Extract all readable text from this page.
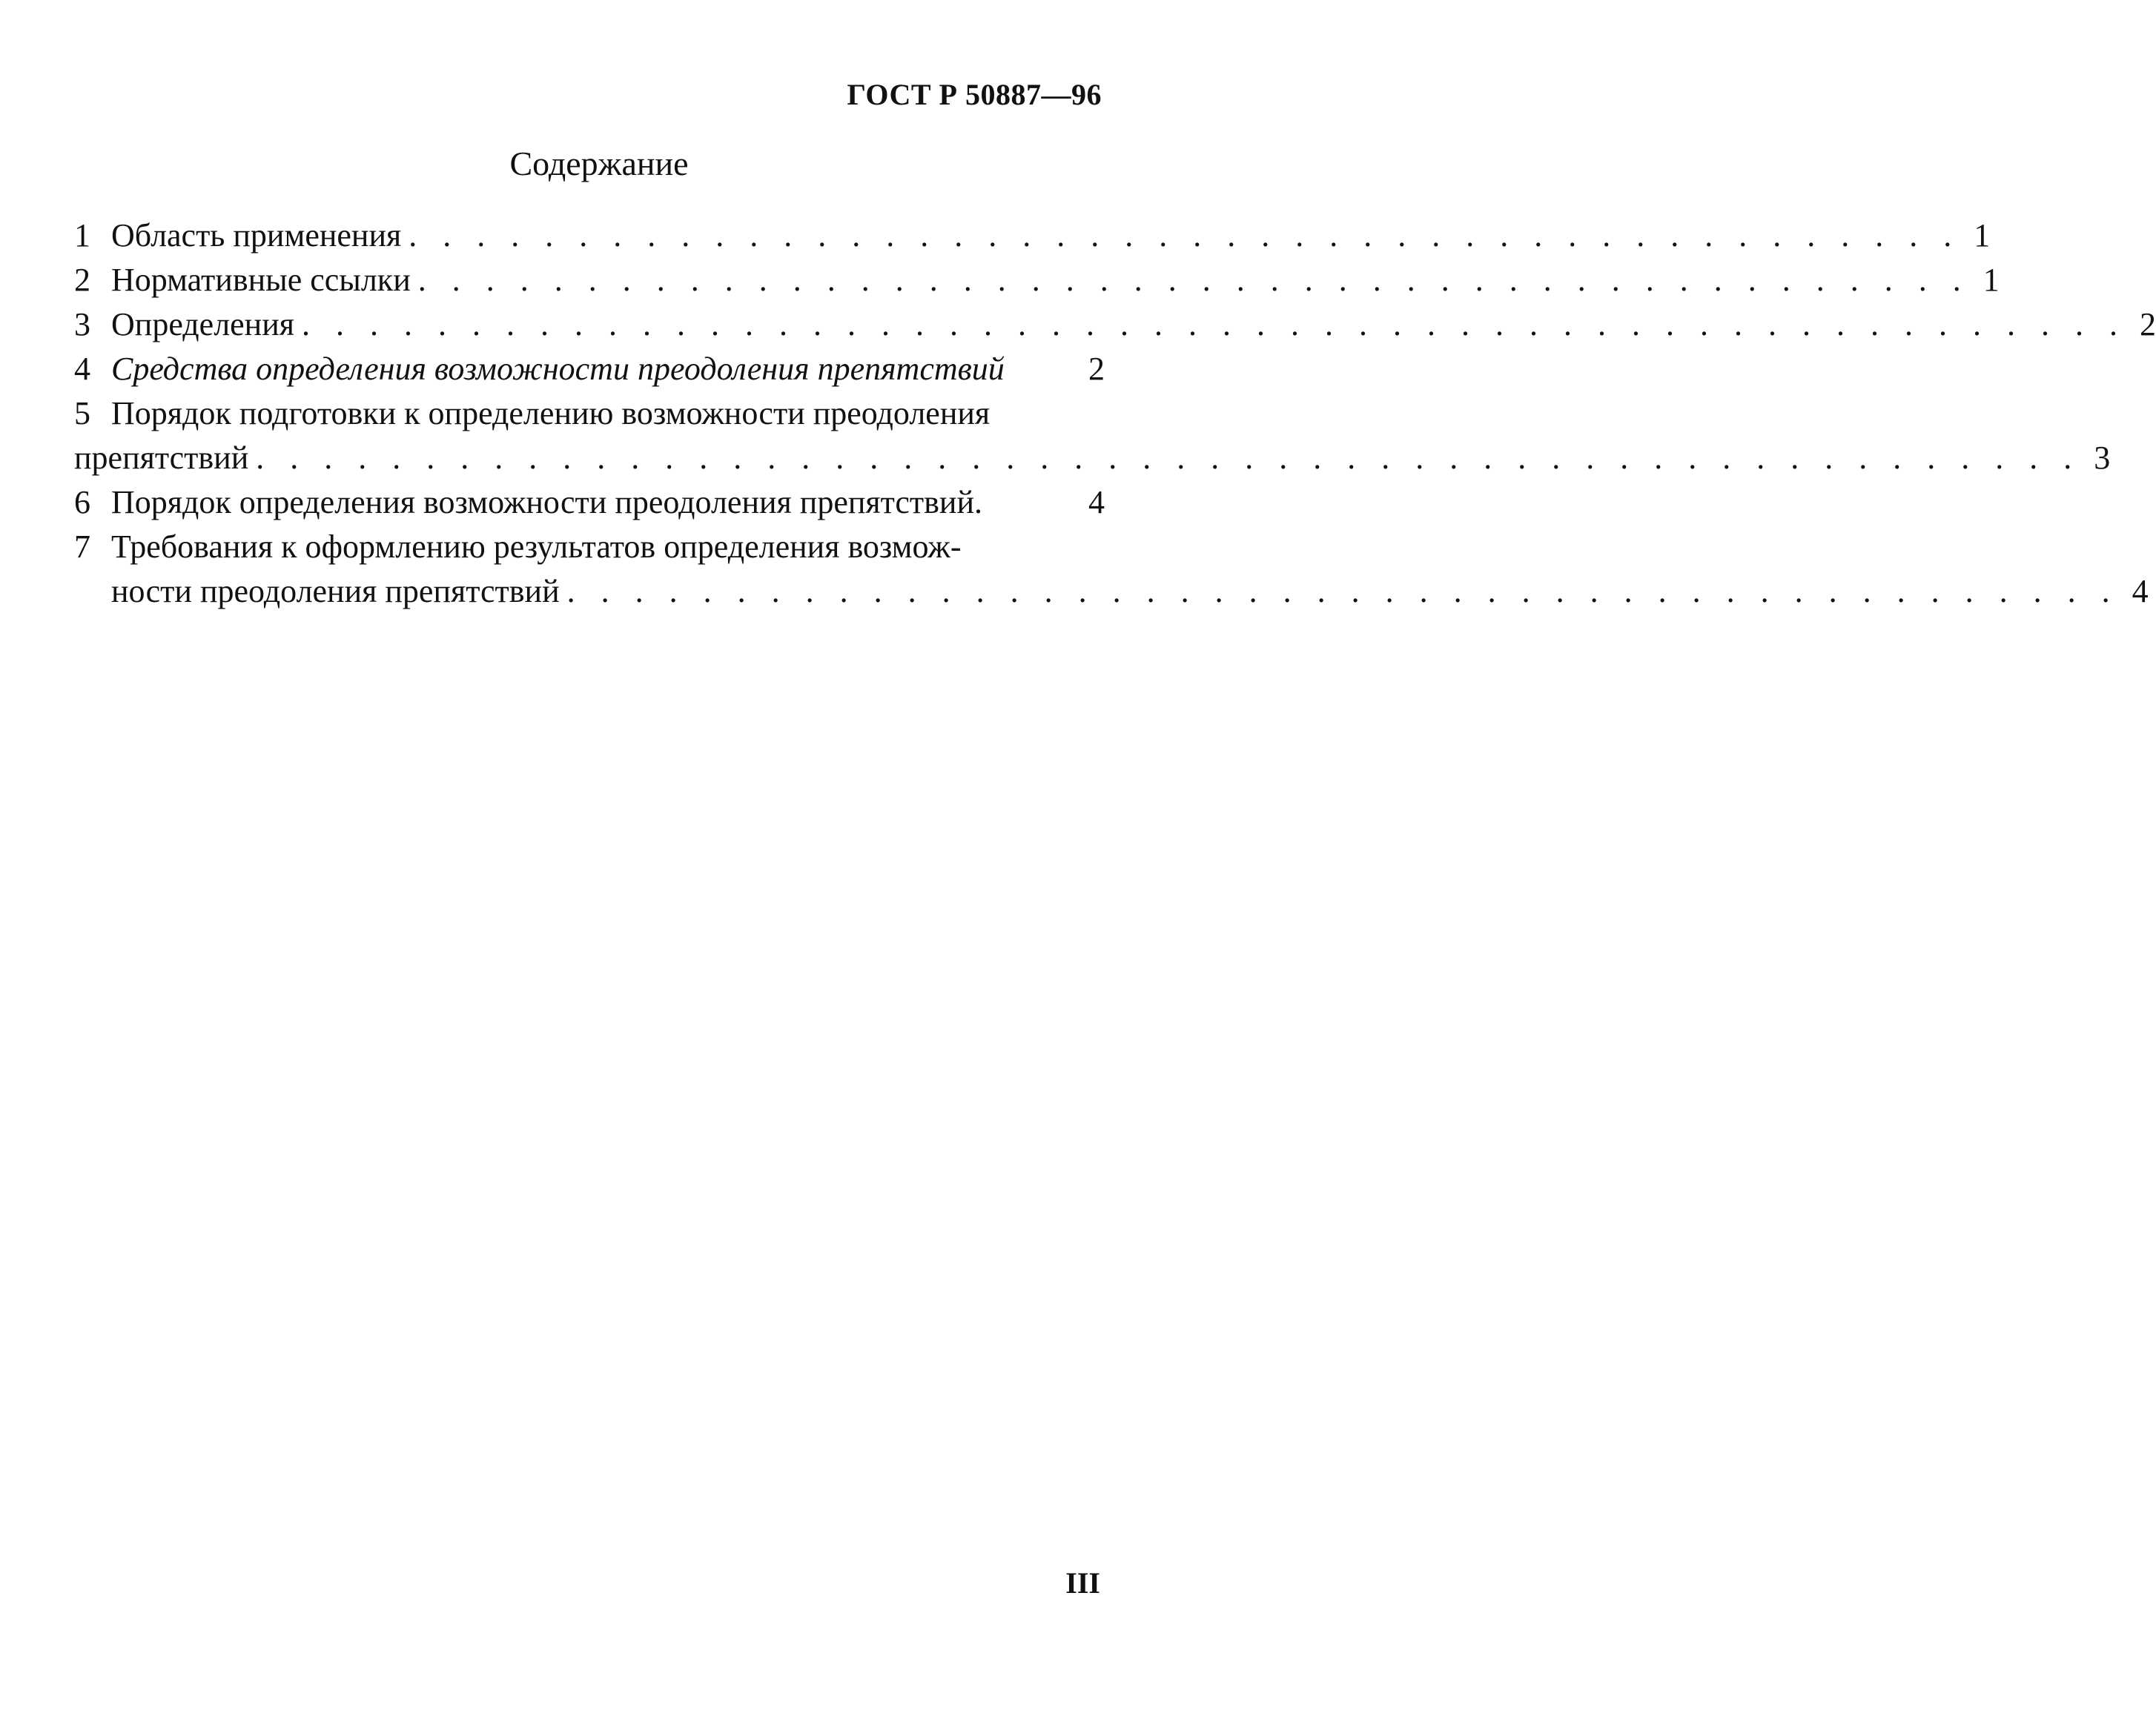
ГОСТ Р 50887—96
Содержание
1 Область применения . . . . . . . . . . . . . . . . . . . . . . . . . . . . . . . . . . . . . . . . . . . . . . 1
2 Нормативные ссылки . . . . . . . . . . . . . . . . . . . . . . . . . . . . . . . . . . . . . . . . . . . . . . 1
3 Определения . . . . . . . . . . . . . . . . . . . . . . . . . . . . . . . . . . . . . . . . . . . . . . . . . . . . . . 2
4 Средства определения возможности преодоления препятствий	2
5 Порядок подготовки к определению возможности преодоления
препятствий . . . . . . . . . . . . . . . . . . . . . . . . . . . . . . . . . . . . . . . . . . . . . . . . . . . . . . 3
6 Порядок определения возможности преодоления препятствий.	4
7 Требования к оформлению результатов определения возмож-
ности преодоления препятствий . . . . . . . . . . . . . . . . . . . . . . . . . . . . . . . . . . . . . . . . . . . . . . 4
III
